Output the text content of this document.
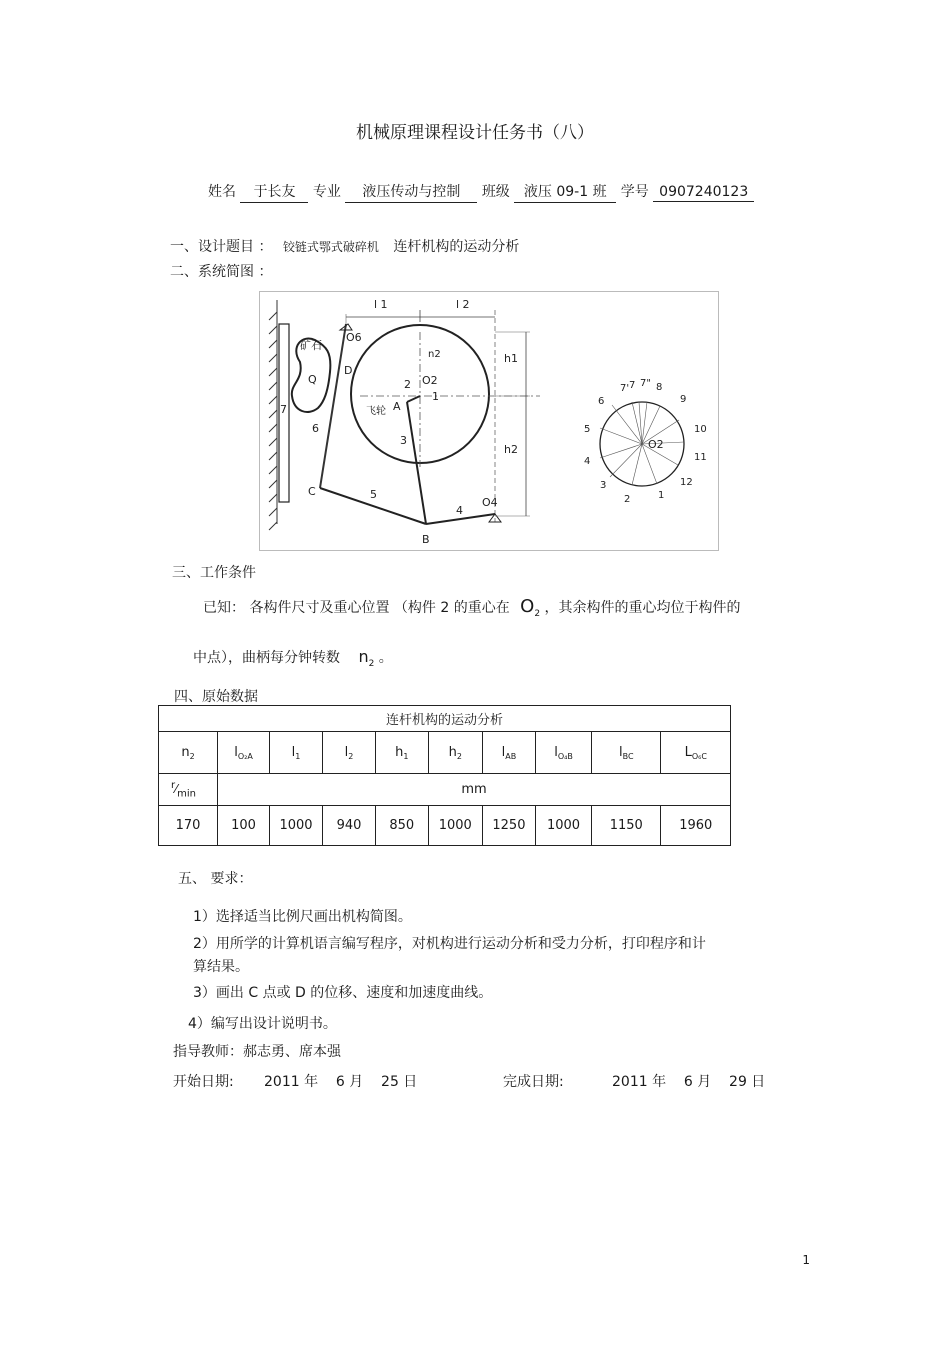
机械原理课程设计任务书（八）
姓名 于长友 专业 液压传动与控制 班级 液压 09-1 班 学号 0907240123
一、设计题目 ： 铰链式鄂式破碎机 连杆机构的运动分析
二、系统简图 ：
l 1	l 2
O6
矿石
Q
D
n2
2 O2
1
A
飞轮
7
6
3
h1
h2
C	5
O4
4
B
1
2
3
4
5
6
7' 7 7" 8
9
10
11
12
O2
三、工作条件
已知： 各构件尺寸及重心位置 （构件 2 的重心在 $O_2$ ，其余构件的重心均位于构件的
中点），曲柄每分钟转数 $n_2$ 。
四、原始数据
连杆机构的运动分析									
$n_2$	$l_{O_2A}$	$l_1$	$l_2$	$h_1$	$h_2$	$l_{AB}$	$l_{O_4B}$	$l_{BC}$	$L_{O_6C}$
$^r⁄_{min}$	mm								
170	100	1000	940	850	1000	1250	1000	1150	1960
五、 要求：
1）选择适当比例尺画出机构简图。
2）用所学的计算机语言编写程序，对机构进行运动分析和受力分析，打印程序和计
算结果。
3）画出 C 点或 D 的位移、速度和加速度曲线。
4）编写出设计说明书。
指导教师：郝志勇、席本强
开始日期: 2011 年    6 月    25 日	完成日期:	2011 年    6 月    29 日
1
